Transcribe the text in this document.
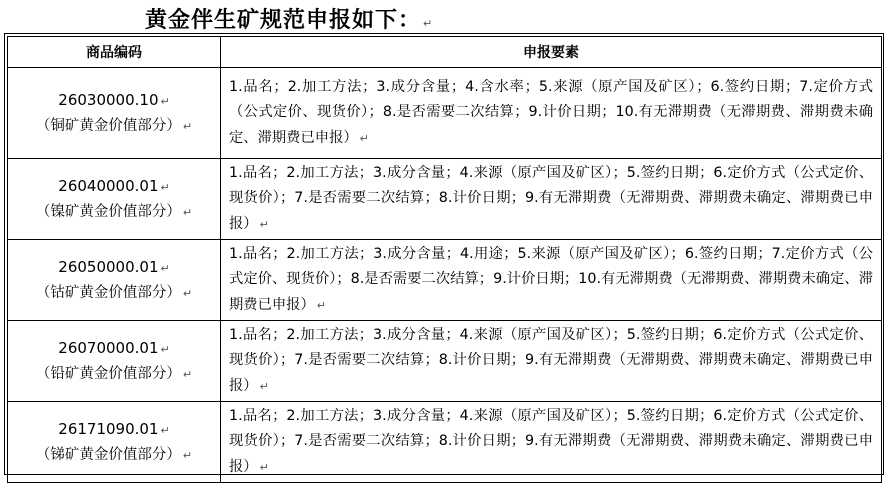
黄金伴生矿规范申报如下： ↵
商品编码	申报要素

26030000.10 ↵
（铜矿黄金价值部分） ↵	1.品名；2.加工方法；3.成分含量；4.含水率；5.来源（原产国及矿区）；6.签约日期；7.定价方式（公式定价、现货价）；8.是否需要二次结算；9.计价日期；10.有无滞期费（无滞期费、滞期费未确定、滞期费已申报） ↵

26040000.01 ↵
（镍矿黄金价值部分） ↵	1.品名；2.加工方法；3.成分含量；4.来源（原产国及矿区）；5.签约日期；6.定价方式（公式定价、现货价）；7.是否需要二次结算；8.计价日期；9.有无滞期费（无滞期费、滞期费未确定、滞期费已申报） ↵

26050000.01 ↵
（钴矿黄金价值部分） ↵	1.品名；2.加工方法；3.成分含量；4.用途；5.来源（原产国及矿区）；6.签约日期；7.定价方式（公式定价、现货价）；8.是否需要二次结算；9.计价日期；10.有无滞期费（无滞期费、滞期费未确定、滞期费已申报） ↵

26070000.01 ↵
（铅矿黄金价值部分） ↵	1.品名；2.加工方法；3.成分含量；4.来源（原产国及矿区）；5.签约日期；6.定价方式（公式定价、现货价）；7.是否需要二次结算；8.计价日期；9.有无滞期费（无滞期费、滞期费未确定、滞期费已申报） ↵

26171090.01 ↵
（锑矿黄金价值部分） ↵	1.品名；2.加工方法；3.成分含量；4.来源（原产国及矿区）；5.签约日期；6.定价方式（公式定价、现货价）；7.是否需要二次结算；8.计价日期；9.有无滞期费（无滞期费、滞期费未确定、滞期费已申报） ↵
